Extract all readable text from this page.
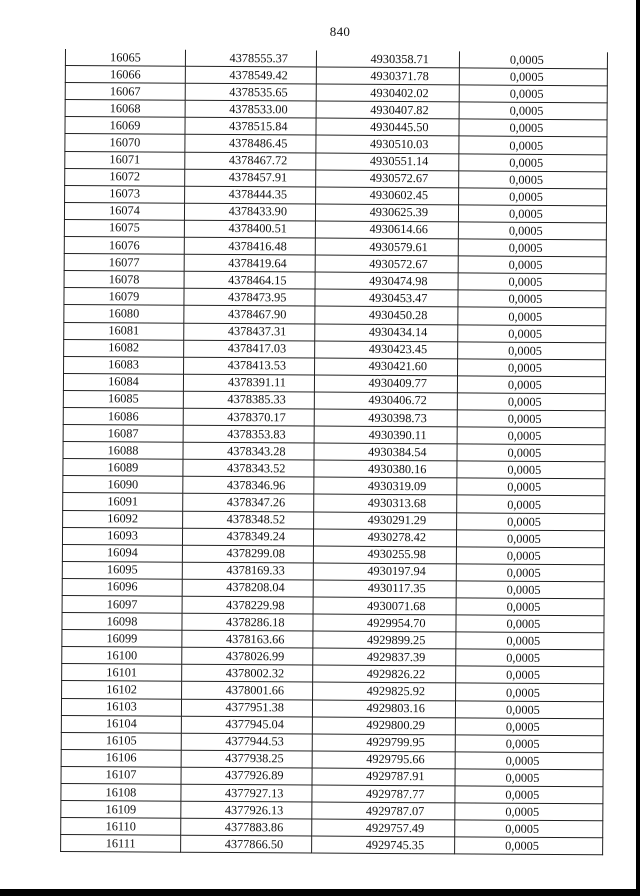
840
16065	4378555.37	4930358.71	0,0005
16066	4378549.42	4930371.78	0,0005
16067	4378535.65	4930402.02	0,0005
16068	4378533.00	4930407.82	0,0005
16069	4378515.84	4930445.50	0,0005
16070	4378486.45	4930510.03	0,0005
16071	4378467.72	4930551.14	0,0005
16072	4378457.91	4930572.67	0,0005
16073	4378444.35	4930602.45	0,0005
16074	4378433.90	4930625.39	0,0005
16075	4378400.51	4930614.66	0,0005
16076	4378416.48	4930579.61	0,0005
16077	4378419.64	4930572.67	0,0005
16078	4378464.15	4930474.98	0,0005
16079	4378473.95	4930453.47	0,0005
16080	4378467.90	4930450.28	0,0005
16081	4378437.31	4930434.14	0,0005
16082	4378417.03	4930423.45	0,0005
16083	4378413.53	4930421.60	0,0005
16084	4378391.11	4930409.77	0,0005
16085	4378385.33	4930406.72	0,0005
16086	4378370.17	4930398.73	0,0005
16087	4378353.83	4930390.11	0,0005
16088	4378343.28	4930384.54	0,0005
16089	4378343.52	4930380.16	0,0005
16090	4378346.96	4930319.09	0,0005
16091	4378347.26	4930313.68	0,0005
16092	4378348.52	4930291.29	0,0005
16093	4378349.24	4930278.42	0,0005
16094	4378299.08	4930255.98	0,0005
16095	4378169.33	4930197.94	0,0005
16096	4378208.04	4930117.35	0,0005
16097	4378229.98	4930071.68	0,0005
16098	4378286.18	4929954.70	0,0005
16099	4378163.66	4929899.25	0,0005
16100	4378026.99	4929837.39	0,0005
16101	4378002.32	4929826.22	0,0005
16102	4378001.66	4929825.92	0,0005
16103	4377951.38	4929803.16	0,0005
16104	4377945.04	4929800.29	0,0005
16105	4377944.53	4929799.95	0,0005
16106	4377938.25	4929795.66	0,0005
16107	4377926.89	4929787.91	0,0005
16108	4377927.13	4929787.77	0,0005
16109	4377926.13	4929787.07	0,0005
16110	4377883.86	4929757.49	0,0005
16111	4377866.50	4929745.35	0,0005
